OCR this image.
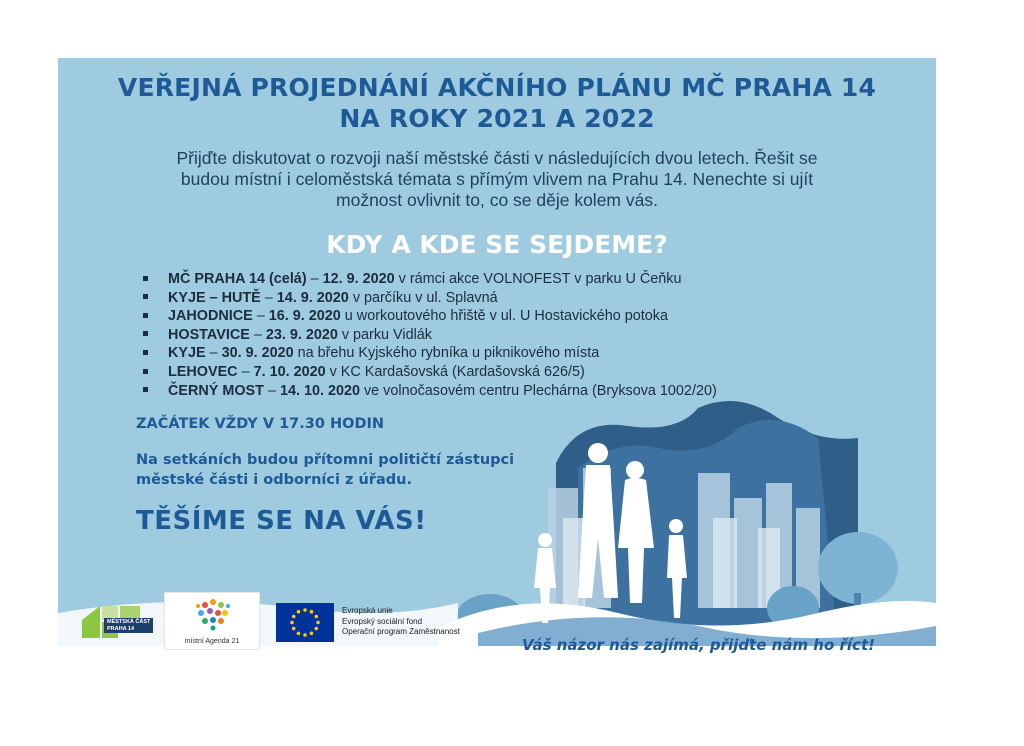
VEŘEJNÁ PROJEDNÁNÍ AKČNÍHO PLÁNU MČ PRAHA 14
NA ROKY 2021 A 2022
Přijďte diskutovat o rozvoji naší městské části v následujících dvou letech. Řešit se
budou místní i celoměstská témata s přímým vlivem na Prahu 14. Nenechte si ujít
možnost ovlivnit to, co se děje kolem vás.
KDY A KDE SE SEJDEME?
MČ PRAHA 14 (celá) – 12. 9. 2020 v rámci akce VOLNOFEST v parku U Čeňku
KYJE – HUTĚ – 14. 9. 2020 v parčíku v ul. Splavná
JAHODNICE – 16. 9. 2020 u workoutového hřiště v ul. U Hostavického potoka
HOSTAVICE – 23. 9. 2020 v parku Vidlák
KYJE – 30. 9. 2020 na břehu Kyjského rybníka u piknikového místa
LEHOVEC – 7. 10. 2020 v KC Kardašovská (Kardašovská 626/5)
ČERNÝ MOST – 14. 10. 2020 ve volnočasovém centru Plechárna (Bryksova 1002/20)
ZAČÁTEK VŽDY V 17.30 HODIN
Na setkáních budou přítomni političtí zástupci
městské části i odborníci z úřadu.
TĚŠÍME SE NA VÁS!
MĚSTSKÁ ČÁST
PRAHA 14
místní Agenda 21
Evropská unie
Evropský sociální fond
Operační program Zaměstnanost
Váš názor nás zajímá, přijďte nám ho říct!
